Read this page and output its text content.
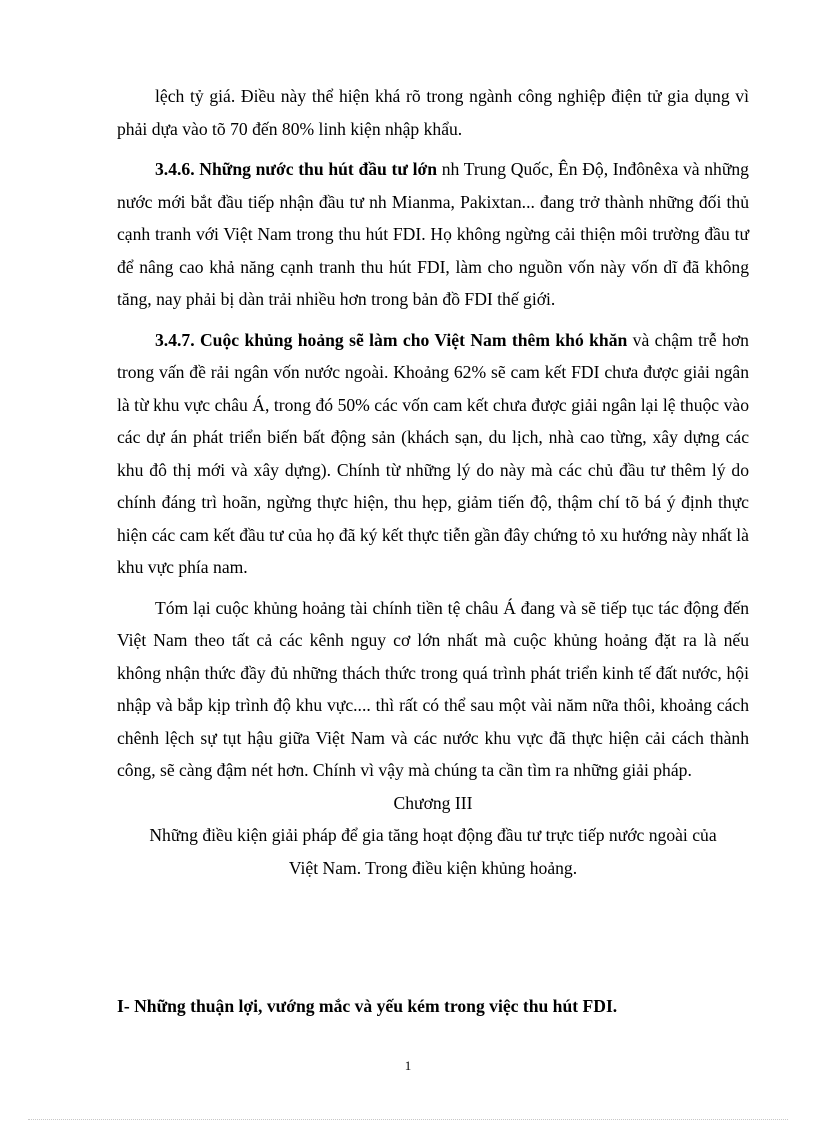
lệch tỷ giá. Điều này thể hiện khá rõ trong ngành công nghiệp điện tử gia dụng vì phải dựa vào tõ 70 đến 80% linh kiện nhập khẩu.

3.4.6. Những nước thu hút đầu tư lớn nh Trung Quốc, Ên Độ, Inđônêxa và những nước mới bắt đầu tiếp nhận đầu tư nh Mianma, Pakixtan... đang trở thành những đối thủ cạnh tranh với Việt Nam trong thu hút FDI. Họ không ngừng cải thiện môi trường đầu tư để nâng cao khả năng cạnh tranh thu hút FDI, làm cho nguồn vốn này vốn dĩ đã không tăng, nay phải bị dàn trải nhiều hơn trong bản đồ FDI thế giới.

3.4.7. Cuộc khủng hoảng sẽ làm cho Việt Nam thêm khó khăn và chậm trễ hơn trong vấn đề rải ngân vốn nước ngoài. Khoảng 62% sẽ cam kết FDI chưa được giải ngân là từ khu vực châu Á, trong đó 50% các vốn cam kết chưa được giải ngân lại lệ thuộc vào các dự án phát triển biến bất động sản (khách sạn, du lịch, nhà cao từng, xây dựng các khu đô thị mới và xây dựng). Chính từ những lý do này mà các chủ đầu tư thêm lý do chính đáng trì hoãn, ngừng thực hiện, thu hẹp, giảm tiến độ, thậm chí tõ bá ý định thực hiện các cam kết đầu tư của họ đã ký kết thực tiễn gần đây chứng tỏ xu hướng này nhất là khu vực phía nam.

Tóm lại cuộc khủng hoảng tài chính tiền tệ châu Á đang và sẽ tiếp tục tác động đến Việt Nam theo tất cả các kênh nguy cơ lớn nhất mà cuộc khủng hoảng đặt ra là nếu không nhận thức đầy đủ những thách thức trong quá trình phát triển kinh tế đất nước, hội nhập và bắp kịp trình độ khu vực.... thì rất có thể sau một vài năm nữa thôi, khoảng cách chênh lệch sự tụt hậu giữa Việt Nam và các nước khu vực đã thực hiện cải cách thành công, sẽ càng đậm nét hơn. Chính vì vậy mà chúng ta cần tìm ra những giải pháp.

Chương III

Những điều kiện giải pháp để gia tăng hoạt động đầu tư trực tiếp nước ngoài của Việt Nam. Trong điều kiện khủng hoảng.

I- Những thuận lợi, vướng mắc và yếu kém trong việc thu hút FDI.

1
